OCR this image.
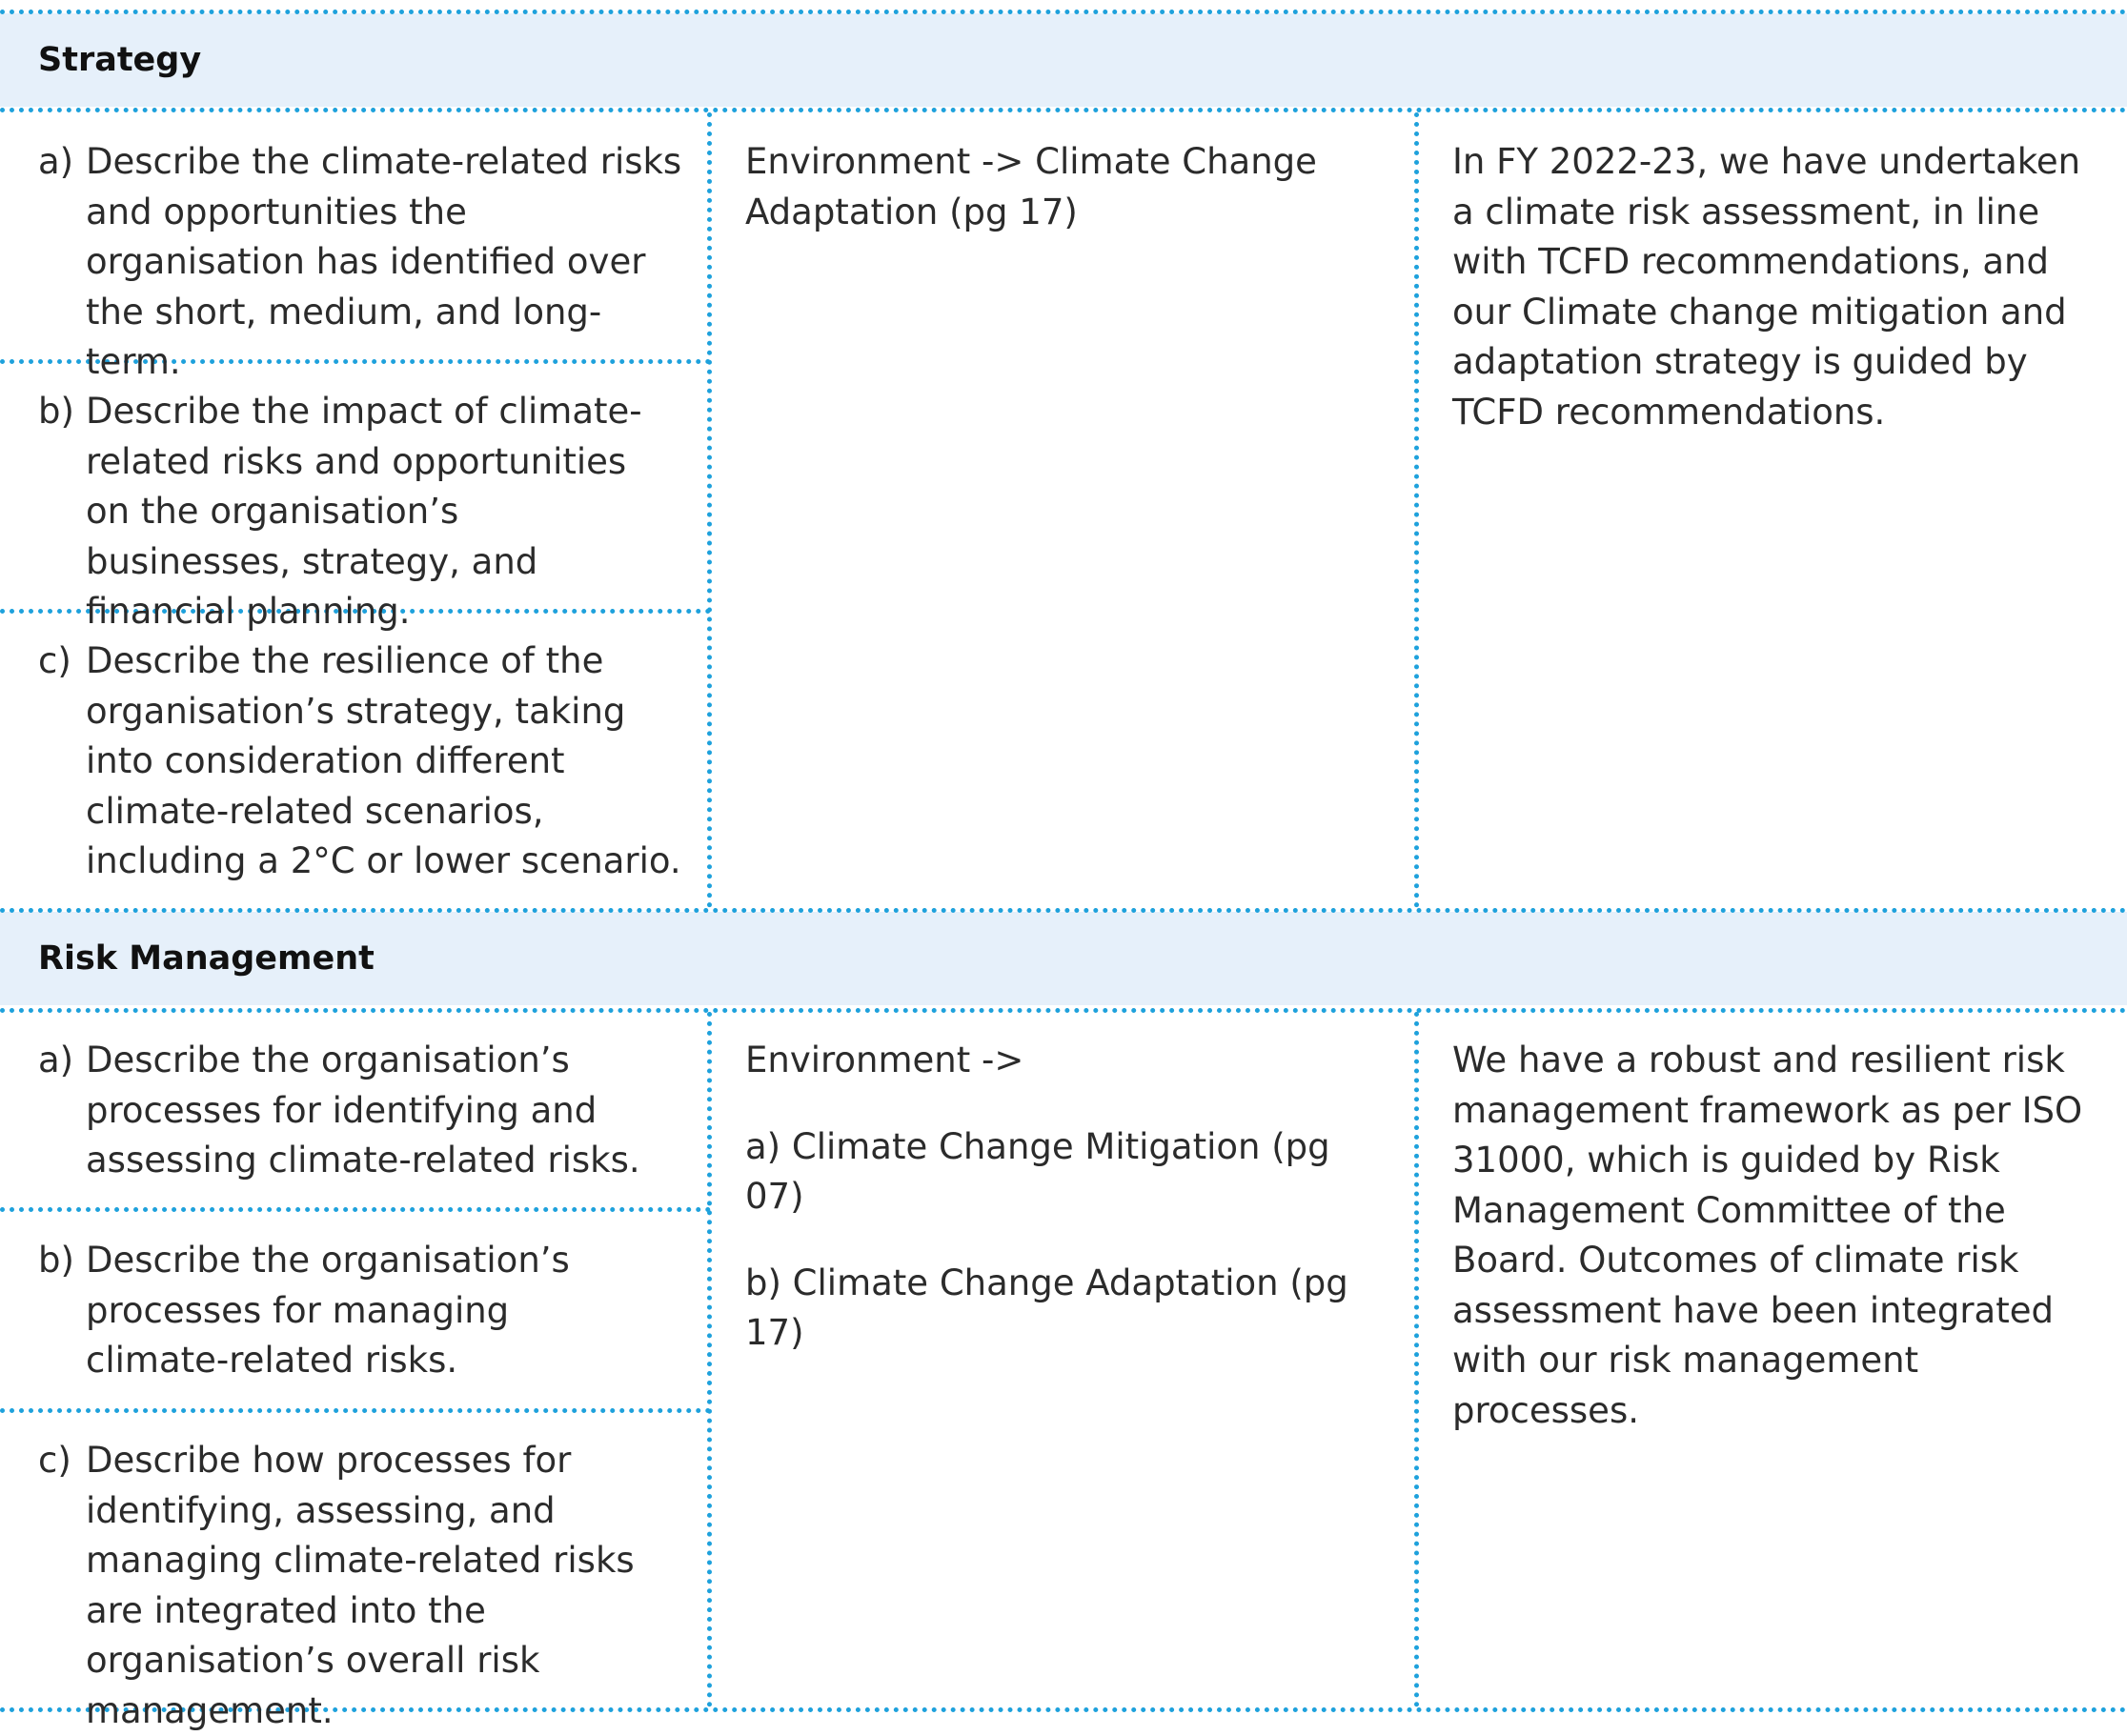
Strategy
Risk Management
a) Describe the climate-related risks and opportunities the organisation has identified over the short, medium, and long-term.
b) Describe the impact of climate-related risks and opportunities on the organisation’s businesses, strategy, and financial planning.
c) Describe the resilience of the organisation’s strategy, taking into consideration different climate-related scenarios, including a 2°C or lower scenario.

Environment -> Climate Change Adaptation (pg 17)

In FY 2022-23, we have undertaken a climate risk assessment, in line with TCFD recommendations, and our Climate change mitigation and adaptation strategy is guided by TCFD recommendations.

a) Describe the organisation’s processes for identifying and assessing climate-related risks.
b) Describe the organisation’s processes for managing climate-related risks.
c) Describe how processes for identifying, assessing, and managing climate-related risks are integrated into the organisation’s overall risk management.

Environment ->

a) Climate Change Mitigation (pg 07)

b) Climate Change Adaptation (pg 17)

We have a robust and resilient risk management framework as per ISO 31000, which is guided by Risk Management Committee of the Board. Outcomes of climate risk assessment have been integrated with our risk management processes.
